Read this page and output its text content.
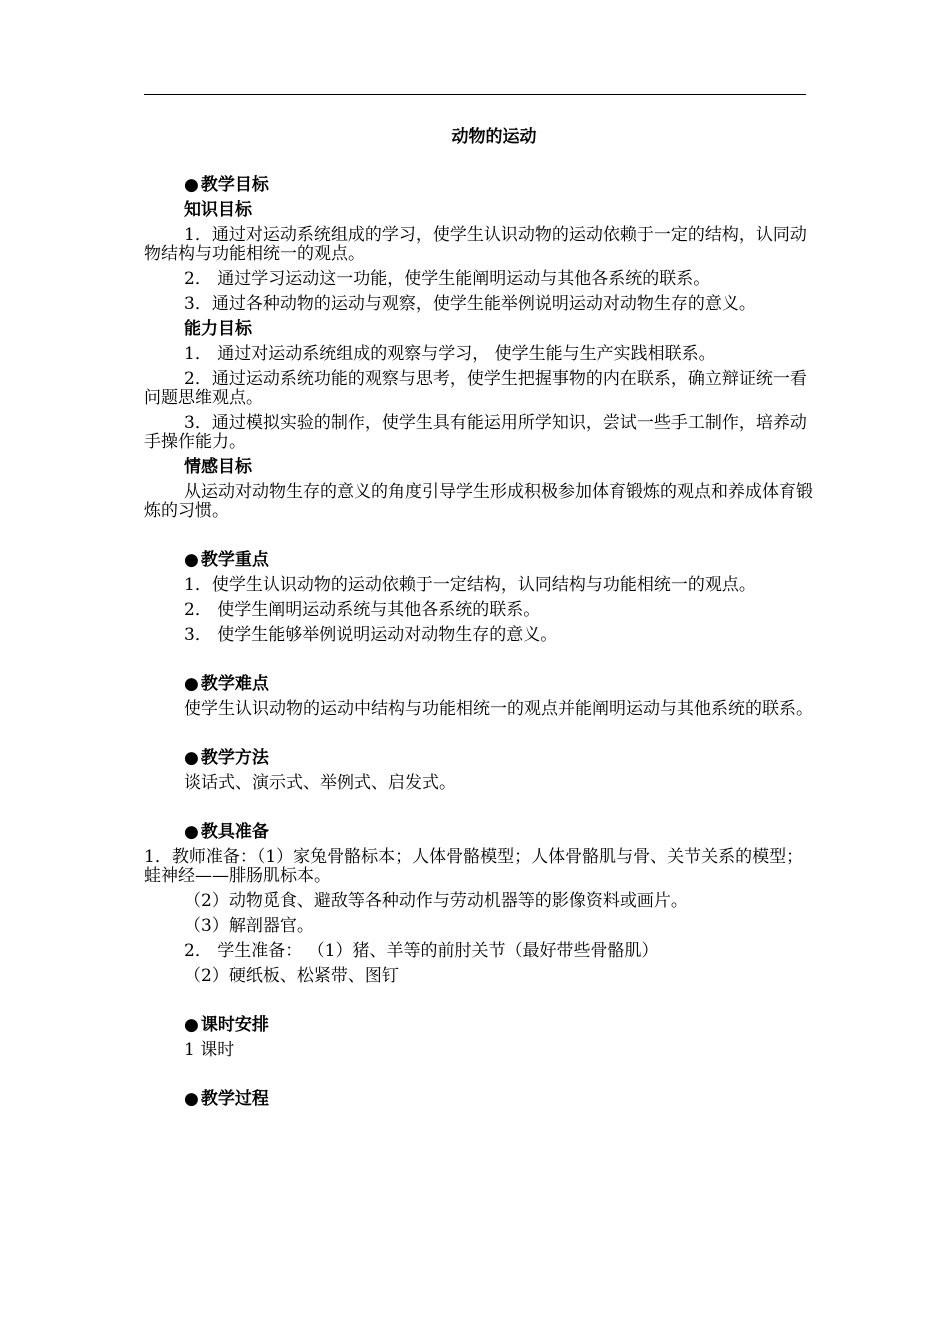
动物的运动

● 教学目标

知识目标

1．通过对运动系统组成的学习，使学生认识动物的运动依赖于一定的结构，认同动物结构与功能相统一的观点。

2． 通过学习运动这一功能，使学生能阐明运动与其他各系统的联系。

3．通过各种动物的运动与观察，使学生能举例说明运动对动物生存的意义。

能力目标

1． 通过对运动系统组成的观察与学习， 使学生能与生产实践相联系。

2．通过运动系统功能的观察与思考，使学生把握事物的内在联系，确立辩证统一看问题思维观点。

3．通过模拟实验的制作，使学生具有能运用所学知识，尝试一些手工制作，培养动手操作能力。

情感目标

从运动对动物生存的意义的角度引导学生形成积极参加体育锻炼的观点和养成体育锻炼的习惯。

● 教学重点

1．使学生认识动物的运动依赖于一定结构，认同结构与功能相统一的观点。

2． 使学生阐明运动系统与其他各系统的联系。

3． 使学生能够举例说明运动对动物生存的意义。

● 教学难点

使学生认识动物的运动中结构与功能相统一的观点并能阐明运动与其他系统的联系。

● 教学方法

谈话式、演示式、举例式、启发式。

● 教具准备

1．教师准备：（1）家兔骨骼标本；人体骨骼模型；人体骨骼肌与骨、关节关系的模型； 蛙神经——腓肠肌标本。

（2）动物觅食、避敌等各种动作与劳动机器等的影像资料或画片。

（3）解剖器官。

2． 学生准备： （1）猪、羊等的前肘关节（最好带些骨骼肌）

（2）硬纸板、松紧带、图钉

● 课时安排

1 课时

● 教学过程
